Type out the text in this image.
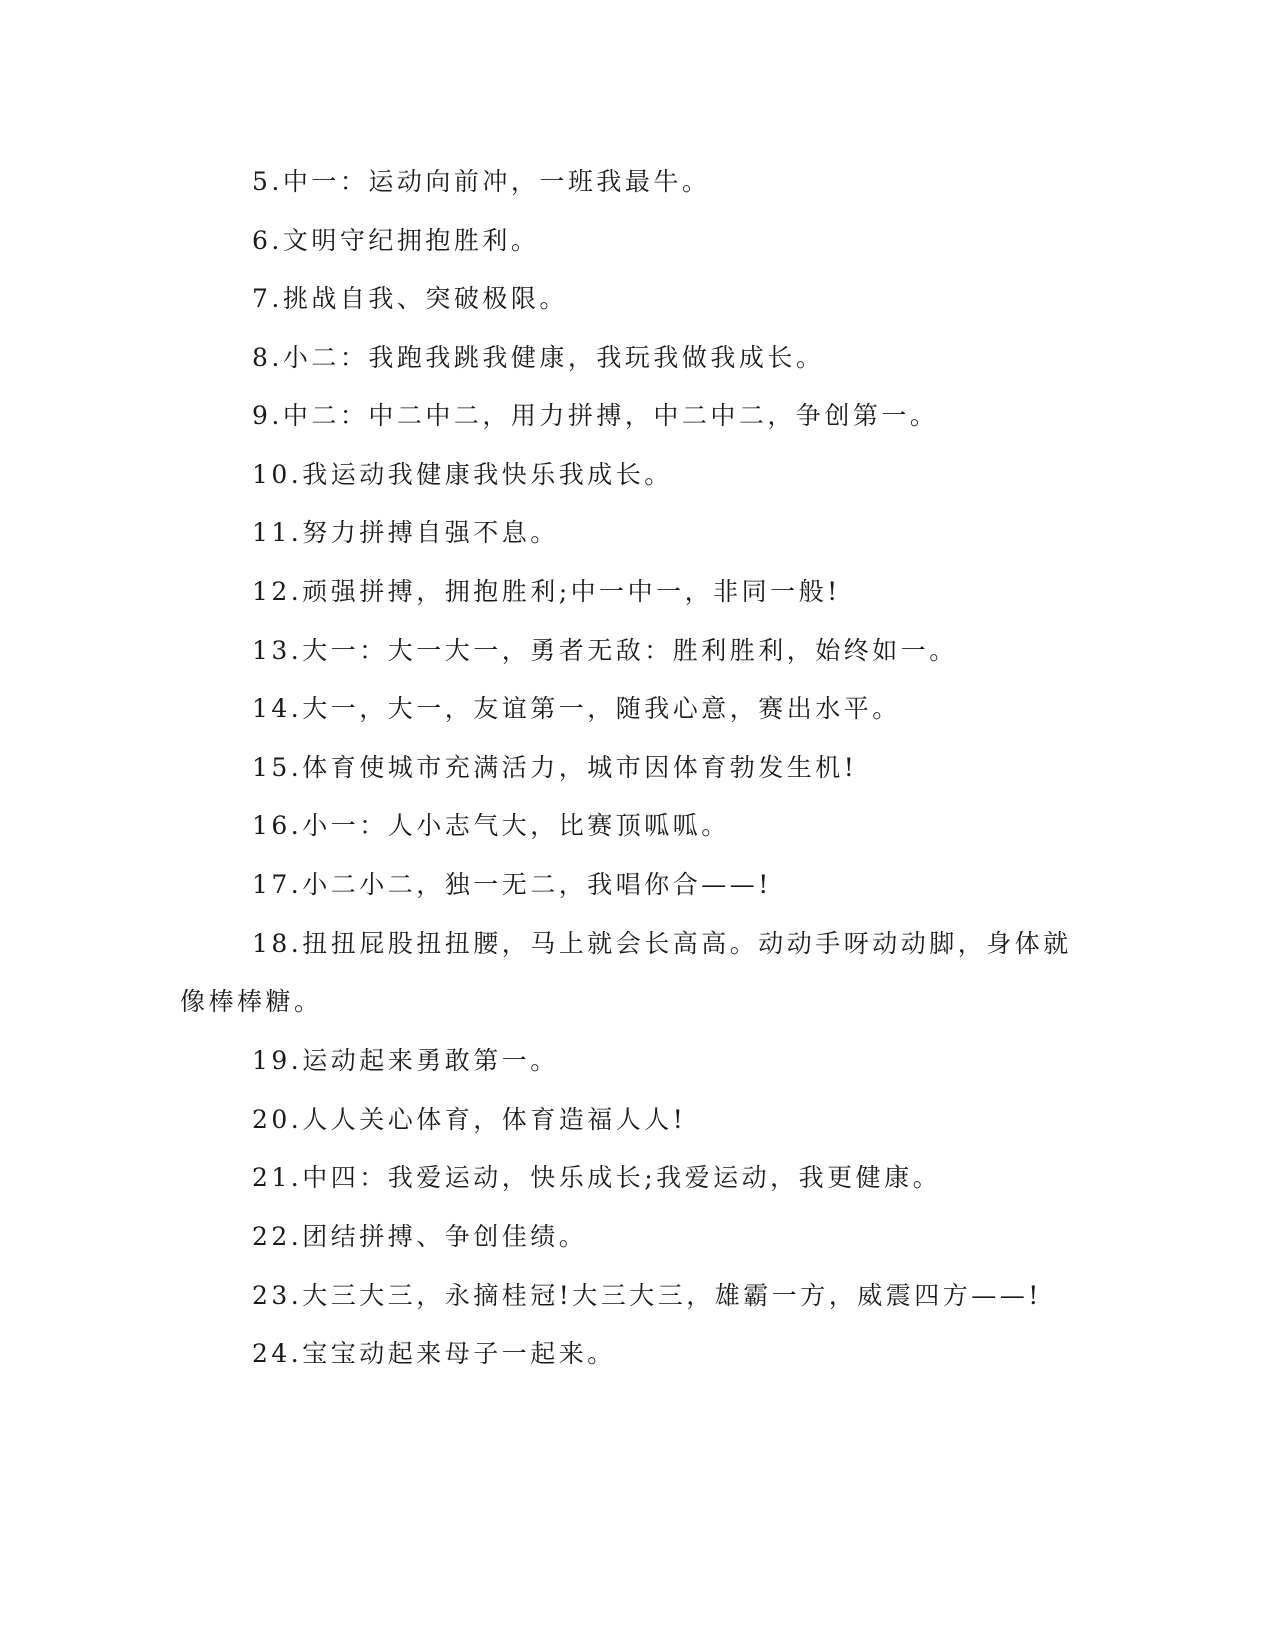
5.中一：运动向前冲，一班我最牛。
6.文明守纪拥抱胜利。
7.挑战自我、突破极限。
8.小二：我跑我跳我健康，我玩我做我成长。
9.中二：中二中二，用力拼搏，中二中二，争创第一。
10.我运动我健康我快乐我成长。
11.努力拼搏自强不息。
12.顽强拼搏，拥抱胜利;中一中一，非同一般!
13.大一：大一大一，勇者无敌：胜利胜利，始终如一。
14.大一，大一，友谊第一，随我心意，赛出水平。
15.体育使城市充满活力，城市因体育勃发生机!
16.小一：人小志气大，比赛顶呱呱。
17.小二小二，独一无二，我唱你合——!
18.扭扭屁股扭扭腰，马上就会长高高。动动手呀动动脚，身体就
像棒棒糖。
19.运动起来勇敢第一。
20.人人关心体育，体育造福人人!
21.中四：我爱运动，快乐成长;我爱运动，我更健康。
22.团结拼搏、争创佳绩。
23.大三大三，永摘桂冠!大三大三，雄霸一方，威震四方——!
24.宝宝动起来母子一起来。
